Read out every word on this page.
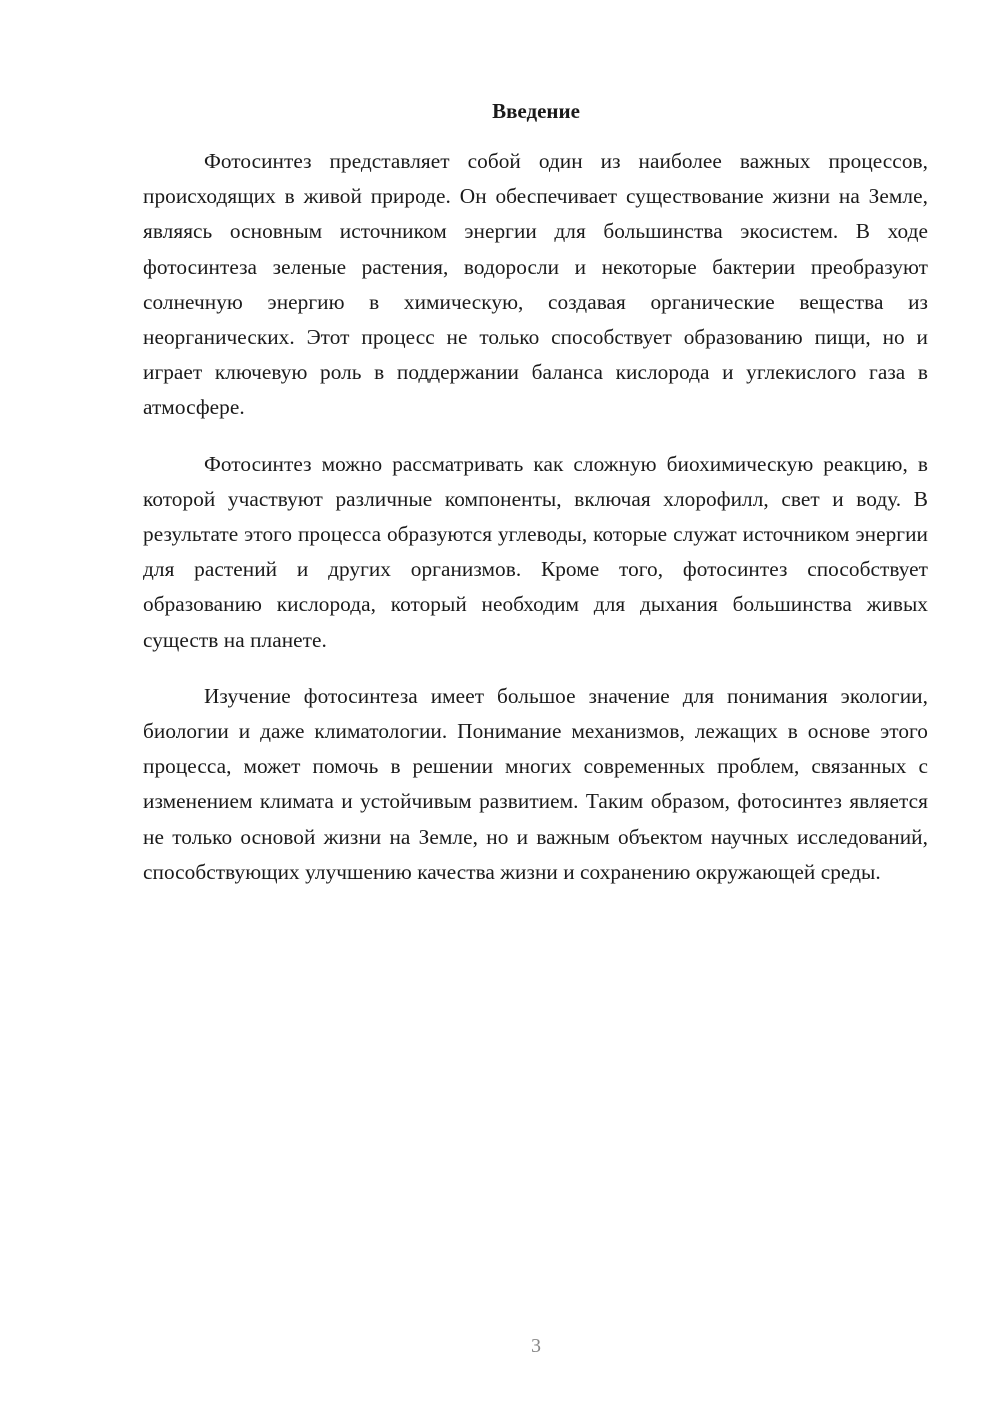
Введение

Фотосинтез представляет собой один из наиболее важных процессов, происходящих в живой природе. Он обеспечивает существование жизни на Земле, являясь основным источником энергии для большинства экосистем. В ходе фотосинтеза зеленые растения, водоросли и некоторые бактерии преобразуют солнечную энергию в химическую, создавая органические вещества из неорганических. Этот процесс не только способствует образованию пищи, но и играет ключевую роль в поддержании баланса кислорода и углекислого газа в атмосфере.

Фотосинтез можно рассматривать как сложную биохимическую реакцию, в которой участвуют различные компоненты, включая хлорофилл, свет и воду. В результате этого процесса образуются углеводы, которые служат источником энергии для растений и других организмов. Кроме того, фотосинтез способствует образованию кислорода, который необходим для дыхания большинства живых существ на планете.

Изучение фотосинтеза имеет большое значение для понимания экологии, биологии и даже климатологии. Понимание механизмов, лежащих в основе этого процесса, может помочь в решении многих современных проблем, связанных с изменением климата и устойчивым развитием. Таким образом, фотосинтез является не только основой жизни на Земле, но и важным объектом научных исследований, способствующих улучшению качества жизни и сохранению окружающей среды.

3
